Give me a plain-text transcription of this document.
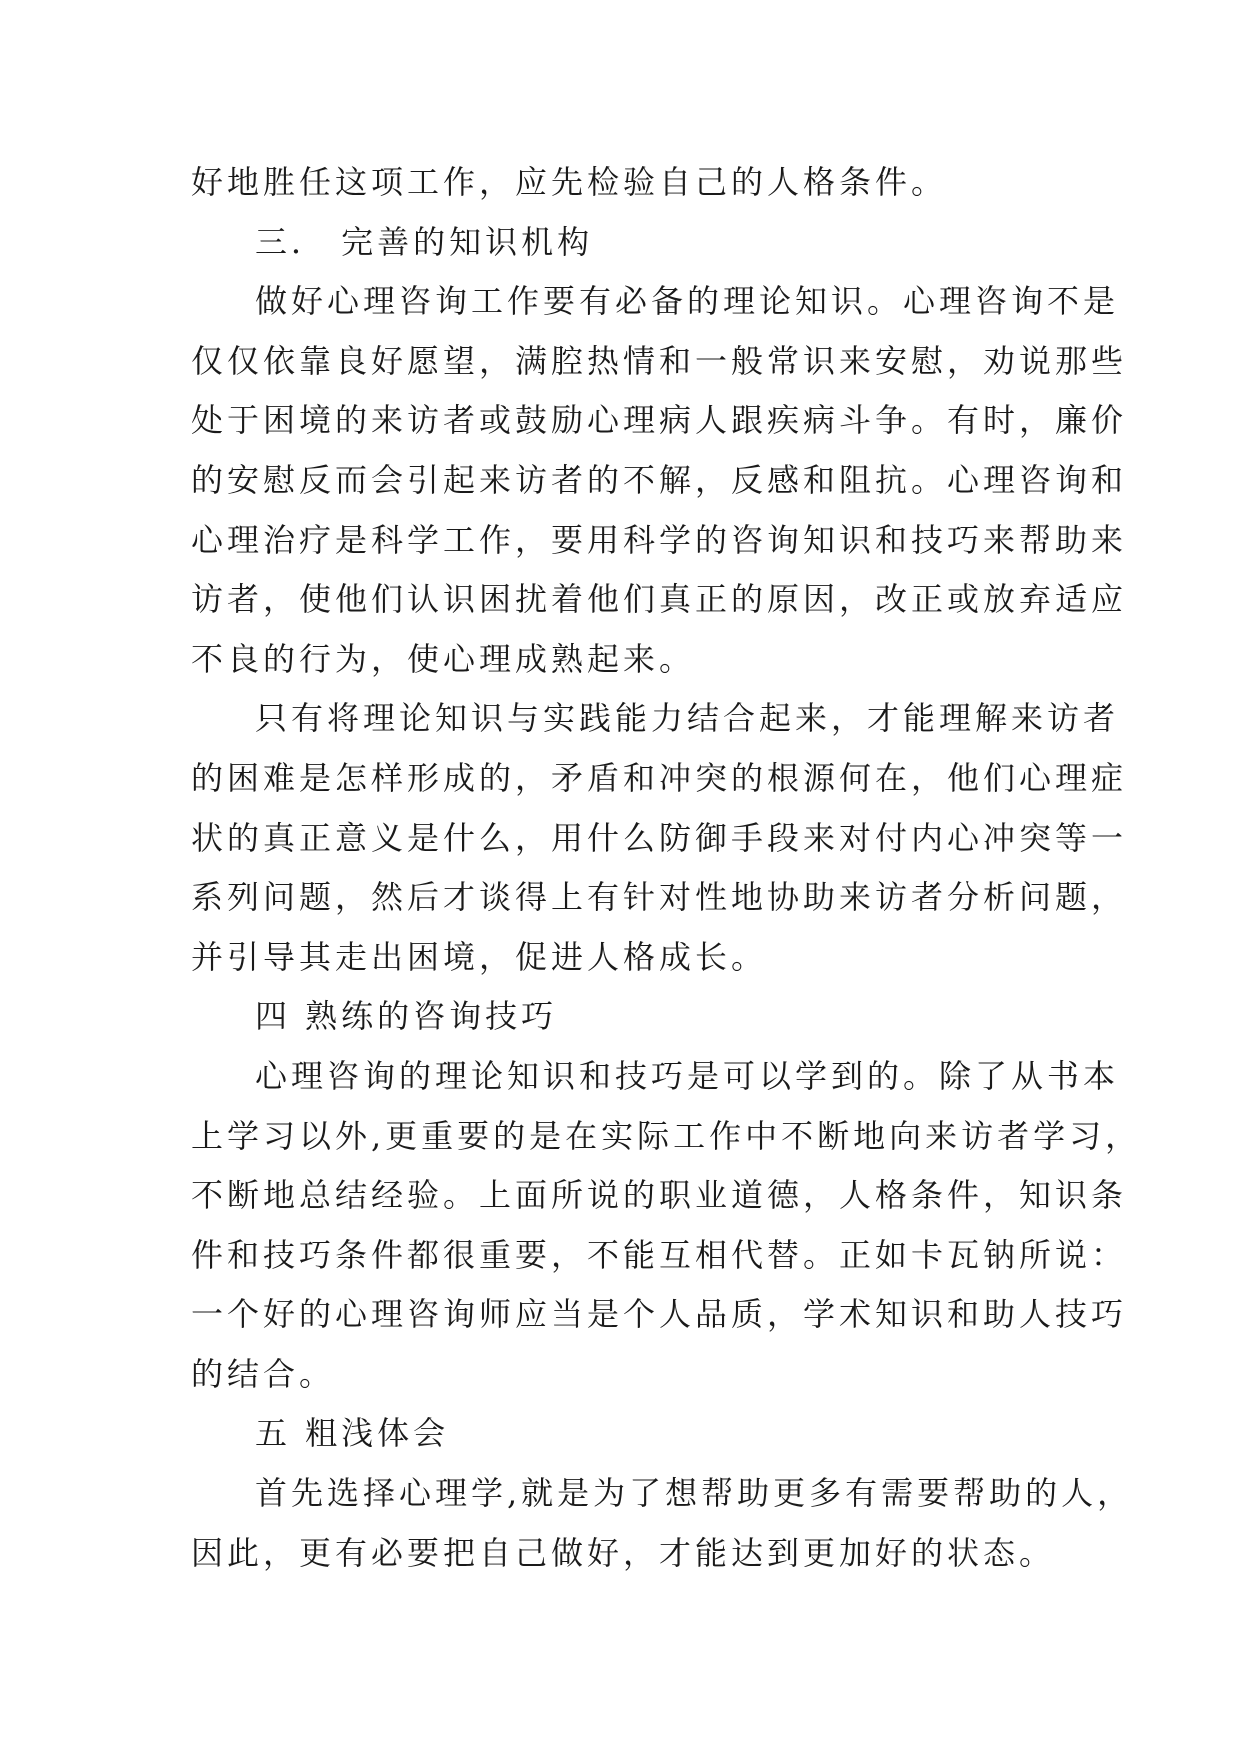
好地胜任这项工作，应先检验自己的人格条件。
三． 完善的知识机构
做好心理咨询工作要有必备的理论知识。心理咨询不是
仅仅依靠良好愿望，满腔热情和一般常识来安慰，劝说那些
处于困境的来访者或鼓励心理病人跟疾病斗争。有时，廉价
的安慰反而会引起来访者的不解，反感和阻抗。心理咨询和
心理治疗是科学工作，要用科学的咨询知识和技巧来帮助来
访者，使他们认识困扰着他们真正的原因，改正或放弃适应
不良的行为，使心理成熟起来。
只有将理论知识与实践能力结合起来，才能理解来访者
的困难是怎样形成的，矛盾和冲突的根源何在，他们心理症
状的真正意义是什么，用什么防御手段来对付内心冲突等一
系列问题，然后才谈得上有针对性地协助来访者分析问题，
并引导其走出困境，促进人格成长。
四 熟练的咨询技巧
心理咨询的理论知识和技巧是可以学到的。除了从书本
上学习以外,更重要的是在实际工作中不断地向来访者学习，
不断地总结经验。上面所说的职业道德，人格条件，知识条
件和技巧条件都很重要，不能互相代替。正如卡瓦钠所说：
一个好的心理咨询师应当是个人品质，学术知识和助人技巧
的结合。
五 粗浅体会
首先选择心理学,就是为了想帮助更多有需要帮助的人，
因此，更有必要把自己做好，才能达到更加好的状态。
